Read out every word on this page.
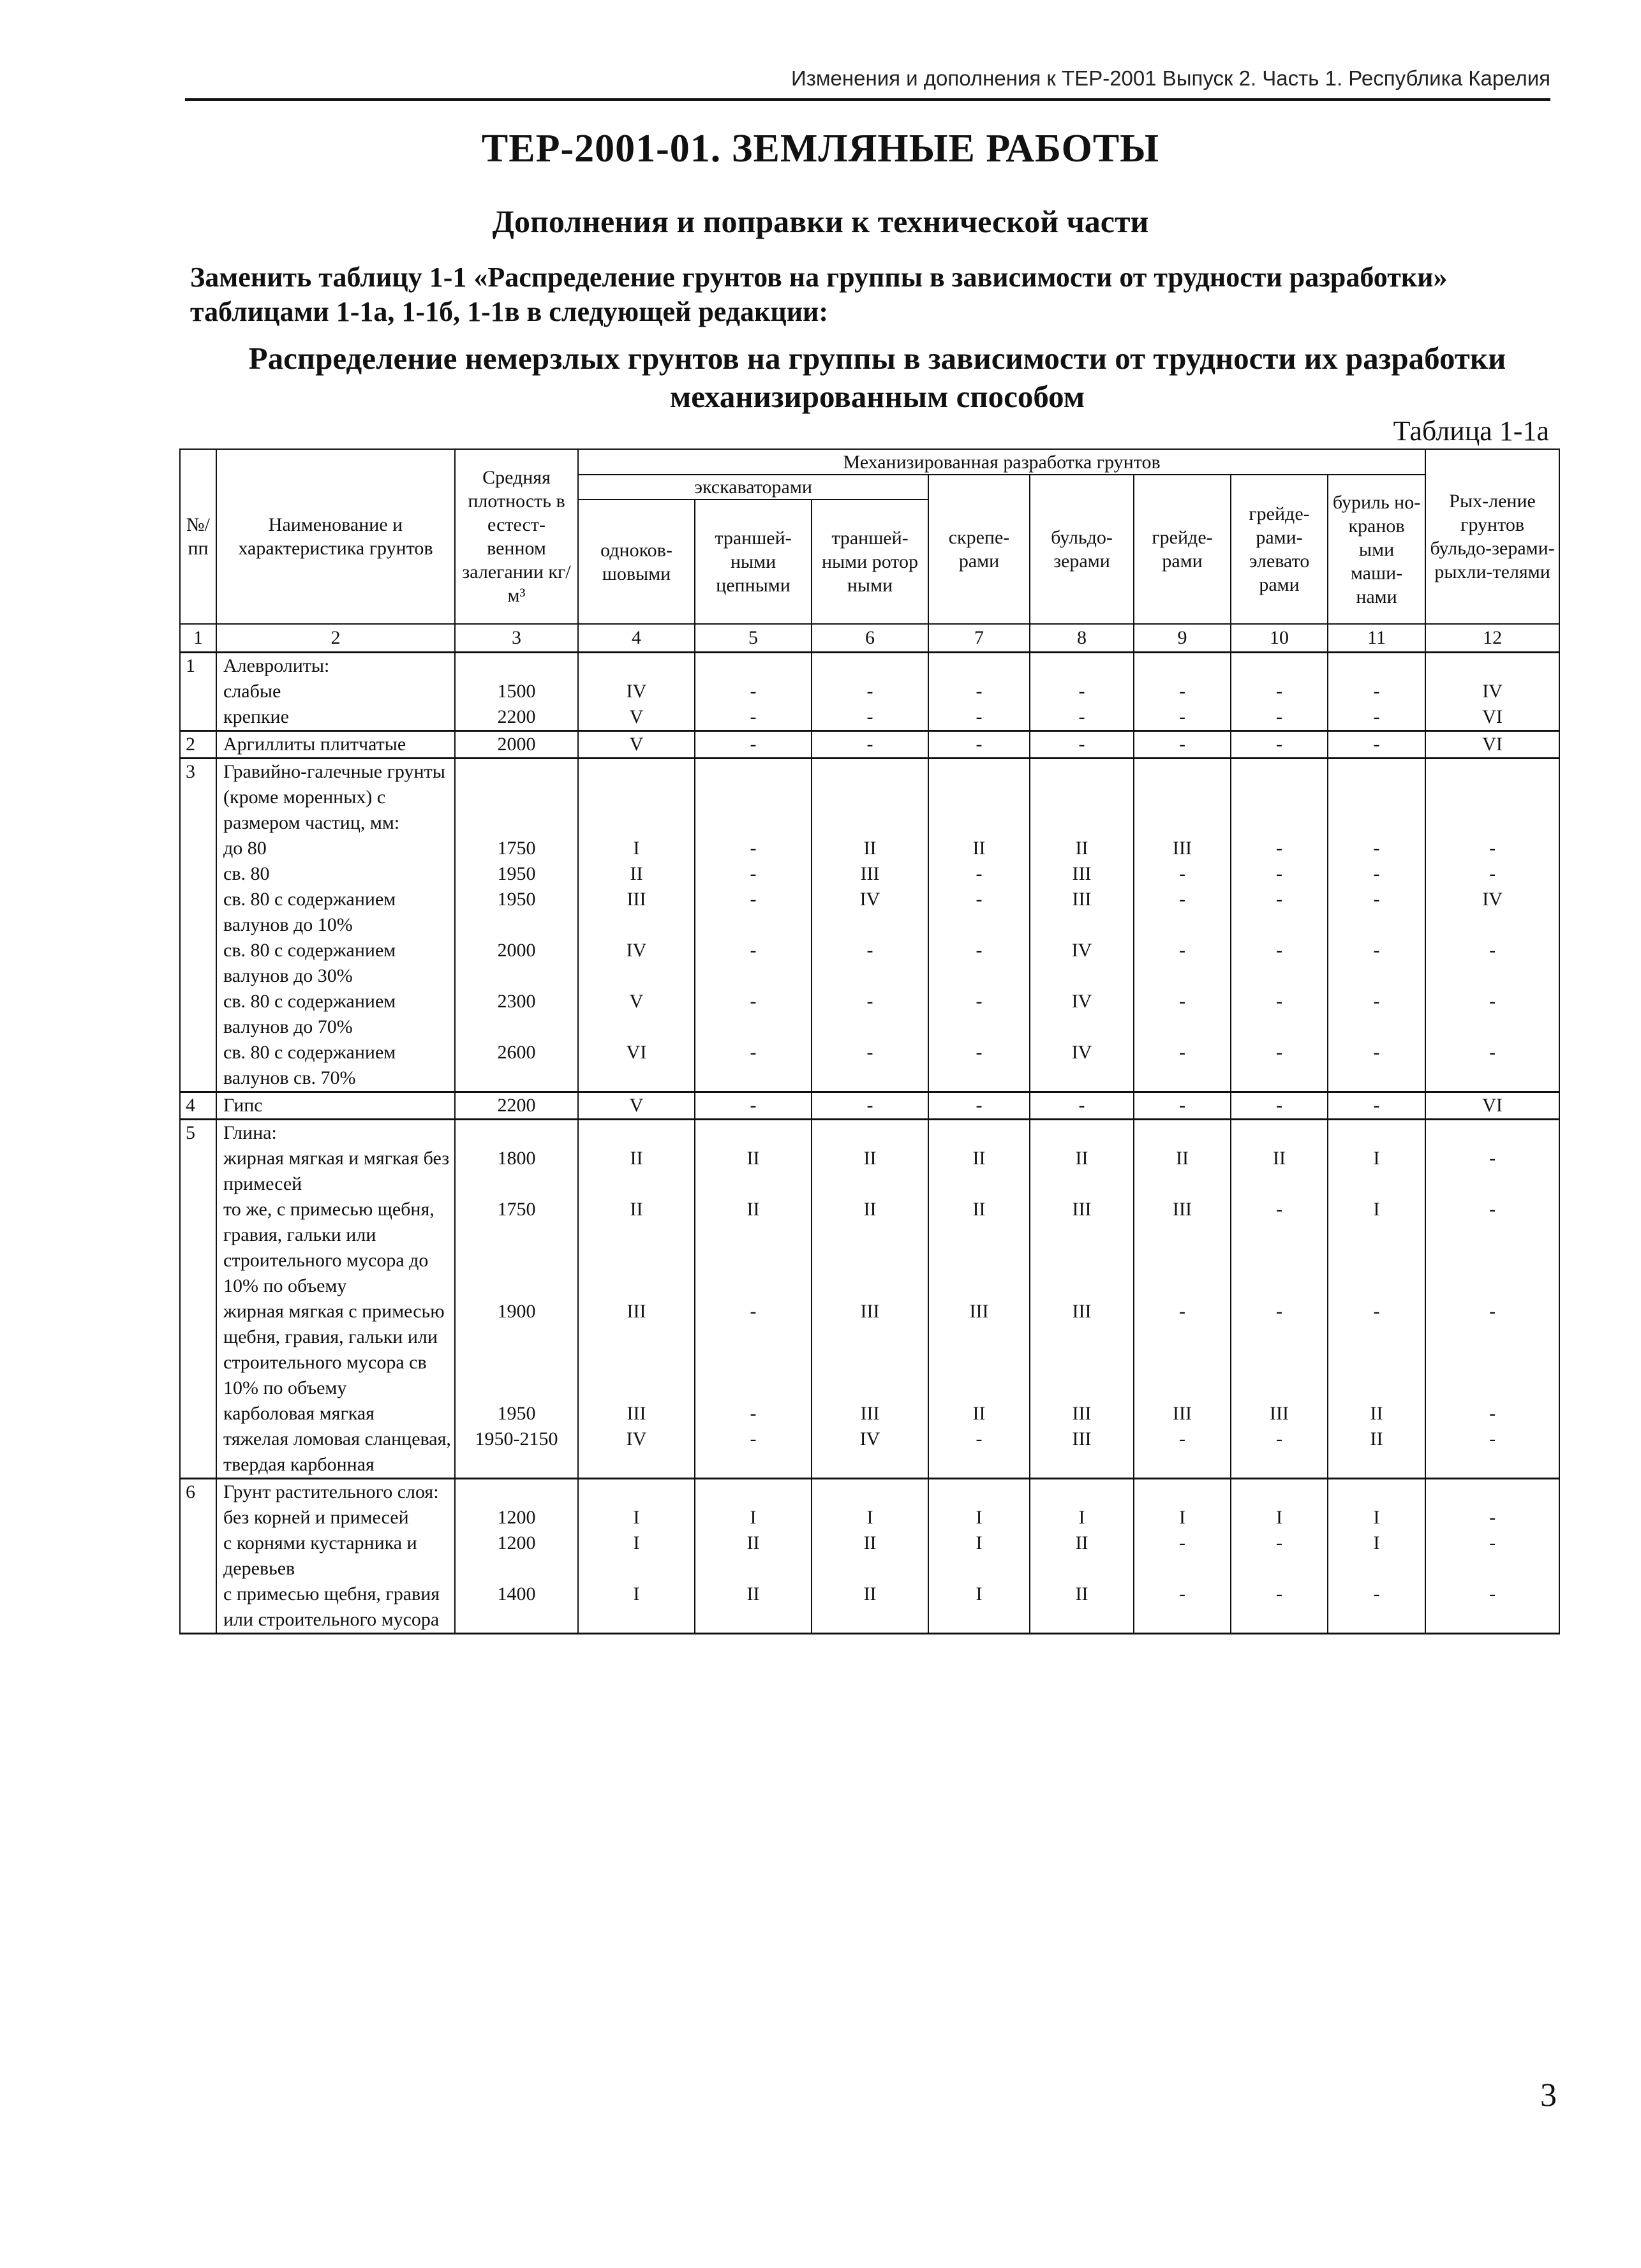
Изменения и дополнения к ТЕР-2001 Выпуск 2. Часть 1. Республика Карелия
ТЕР-2001-01. ЗЕМЛЯНЫЕ РАБОТЫ
Дополнения и поправки к технической части
Заменить таблицу 1-1 «Распределение грунтов на группы в зависимости от трудности разработки» таблицами 1-1а, 1-1б, 1-1в в следующей редакции:
Распределение немерзлых грунтов на группы в зависимости от трудности их разработки
механизированным способом
Таблица 1-1а
№/ пп	Наименование и характеристика грунтов	Средняя плотность в естест-венном залегании кг/м³	Механизированная разработка грунтов								Рых-ление грунтов бульдо-зерами-рыхли-телями
			экскаваторами			скрепе-рами	бульдо-зерами	грейде-рами	грейде-рами-элевато рами	буриль но-кранов ыми маши-нами	
			одноков-шовыми	траншей-ными цепными	траншей-ными ротор ными						
1	2	3	4	5	6	7	8	9	10	11	12
1	Алевролиты:										
	слабые	1500	IV	-	-	-	-	-	-	-	IV
	крепкие	2200	V	-	-	-	-	-	-	-	VI
2	Аргиллиты плитчатые	2000	V	-	-	-	-	-	-	-	VI
3	Гравийно-галечные грунты (кроме моренных) с размером частиц, мм:										
	до 80	1750	I	-	II	II	II	III	-	-	-
	св. 80	1950	II	-	III	-	III	-	-	-	-
	св. 80 с содержанием валунов до 10%	1950	III	-	IV	-	III	-	-	-	IV
	св. 80 с содержанием валунов до 30%	2000	IV	-	-	-	IV	-	-	-	-
	св. 80 с содержанием валунов до 70%	2300	V	-	-	-	IV	-	-	-	-
	св. 80 с содержанием валунов св. 70%	2600	VI	-	-	-	IV	-	-	-	-
4	Гипс	2200	V	-	-	-	-	-	-	-	VI
5	Глина:										
	жирная мягкая и мягкая без примесей	1800	II	II	II	II	II	II	II	I	-
	то же, с примесью щебня, гравия, гальки или строительного мусора до 10% по объему	1750	II	II	II	II	III	III	-	I	-
	жирная мягкая с примесью щебня, гравия, гальки или строительного мусора св 10% по объему	1900	III	-	III	III	III	-	-	-	-
	карболовая мягкая	1950	III	-	III	II	III	III	III	II	-
	тяжелая ломовая сланцевая, твердая карбонная	1950-2150	IV	-	IV	-	III	-	-	II	-
6	Грунт растительного слоя:										
	без корней и примесей	1200	I	I	I	I	I	I	I	I	-
	с корнями кустарника и деревьев	1200	I	II	II	I	II	-	-	I	-
	с примесью щебня, гравия или строительного мусора	1400	I	II	II	I	II	-	-	-	-
3
